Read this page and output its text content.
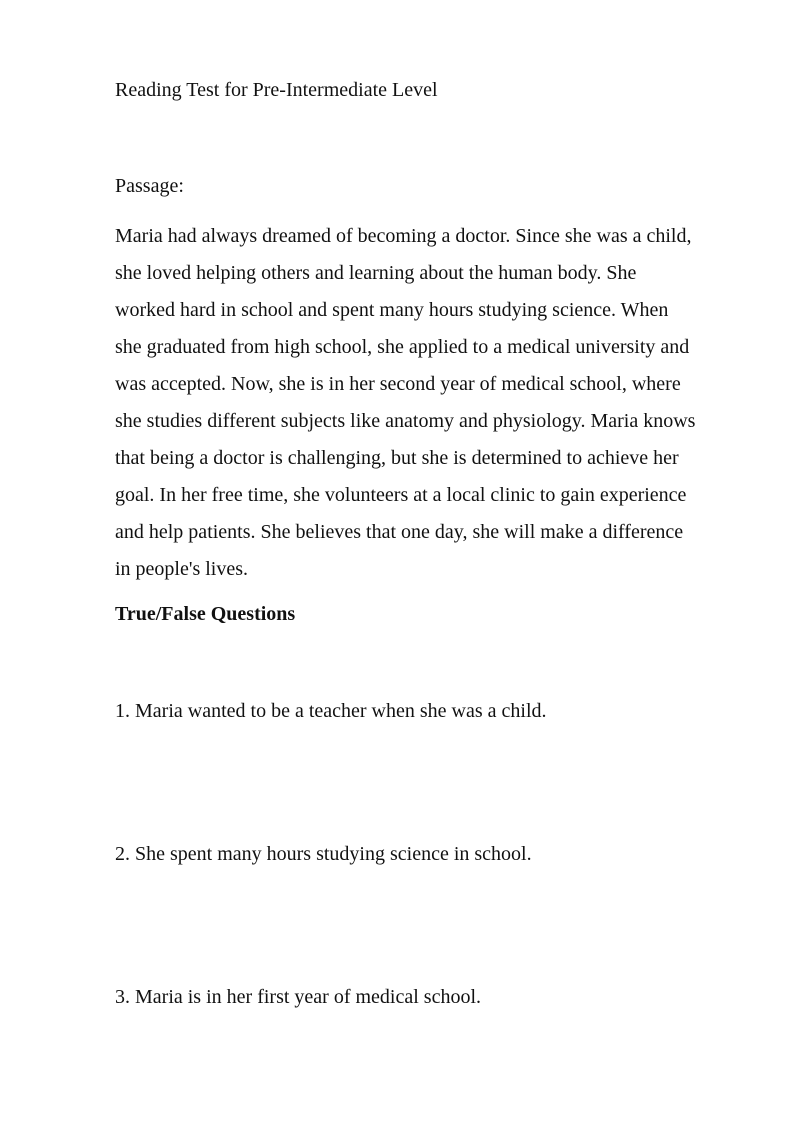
Reading Test for Pre-Intermediate Level

Passage:

Maria had always dreamed of becoming a doctor. Since she was a child,
she loved helping others and learning about the human body. She
worked hard in school and spent many hours studying science. When
she graduated from high school, she applied to a medical university and
was accepted. Now, she is in her second year of medical school, where
she studies different subjects like anatomy and physiology. Maria knows
that being a doctor is challenging, but she is determined to achieve her
goal. In her free time, she volunteers at a local clinic to gain experience
and help patients. She believes that one day, she will make a difference
in people's lives.
True/False Questions

1. Maria wanted to be a teacher when she was a child.

2. She spent many hours studying science in school.

3. Maria is in her first year of medical school.
